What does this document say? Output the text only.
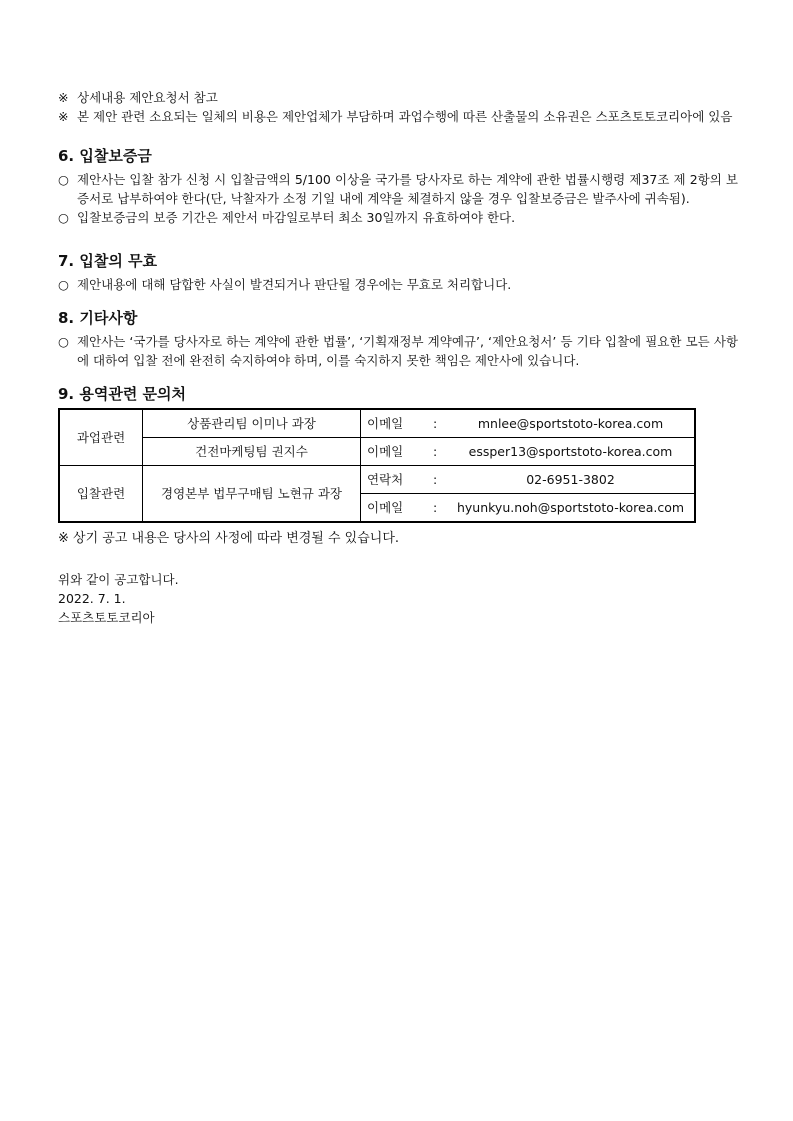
※ 상세내용 제안요청서 참고
※ 본 제안 관련 소요되는 일체의 비용은 제안업체가 부담하며 과업수행에 따른 산출물의 소유권은 스포츠토토코리아에 있음
6. 입찰보증금
○ 제안사는 입찰 참가 신청 시 입찰금액의 5/100 이상을 국가를 당사자로 하는 계약에 관한 법률시행령 제37조 제 2항의 보증서로 납부하여야 한다(단, 낙찰자가 소정 기일 내에 계약을 체결하지 않을 경우 입찰보증금은 발주사에 귀속됨).
○ 입찰보증금의 보증 기간은 제안서 마감일로부터 최소 30일까지 유효하여야 한다.
7. 입찰의 무효
○ 제안내용에 대해 담합한 사실이 발견되거나 판단될 경우에는 무효로 처리합니다.
8. 기타사항
○ 제안사는 ‘국가를 당사자로 하는 계약에 관한 법률’, ‘기획재정부 계약예규’, ‘제안요청서’ 등 기타 입찰에 필요한 모든 사항에 대하여 입찰 전에 완전히 숙지하여야 하며, 이를 숙지하지 못한 책임은 제안사에 있습니다.
9. 용역관련 문의처
과업관련	상품관리팀 이미나 과장	이메일	:	mnlee@sportstoto-korea.com
	건전마케팅팀 권지수	이메일	:	essper13@sportstoto-korea.com
입찰관련	경영본부 법무구매팀 노현규 과장	연락처	:	02-6951-3802
		이메일	:	hyunkyu.noh@sportstoto-korea.com
※ 상기 공고 내용은 당사의 사정에 따라 변경될 수 있습니다.
위와 같이 공고합니다.
2022. 7. 1.
스포츠토토코리아
